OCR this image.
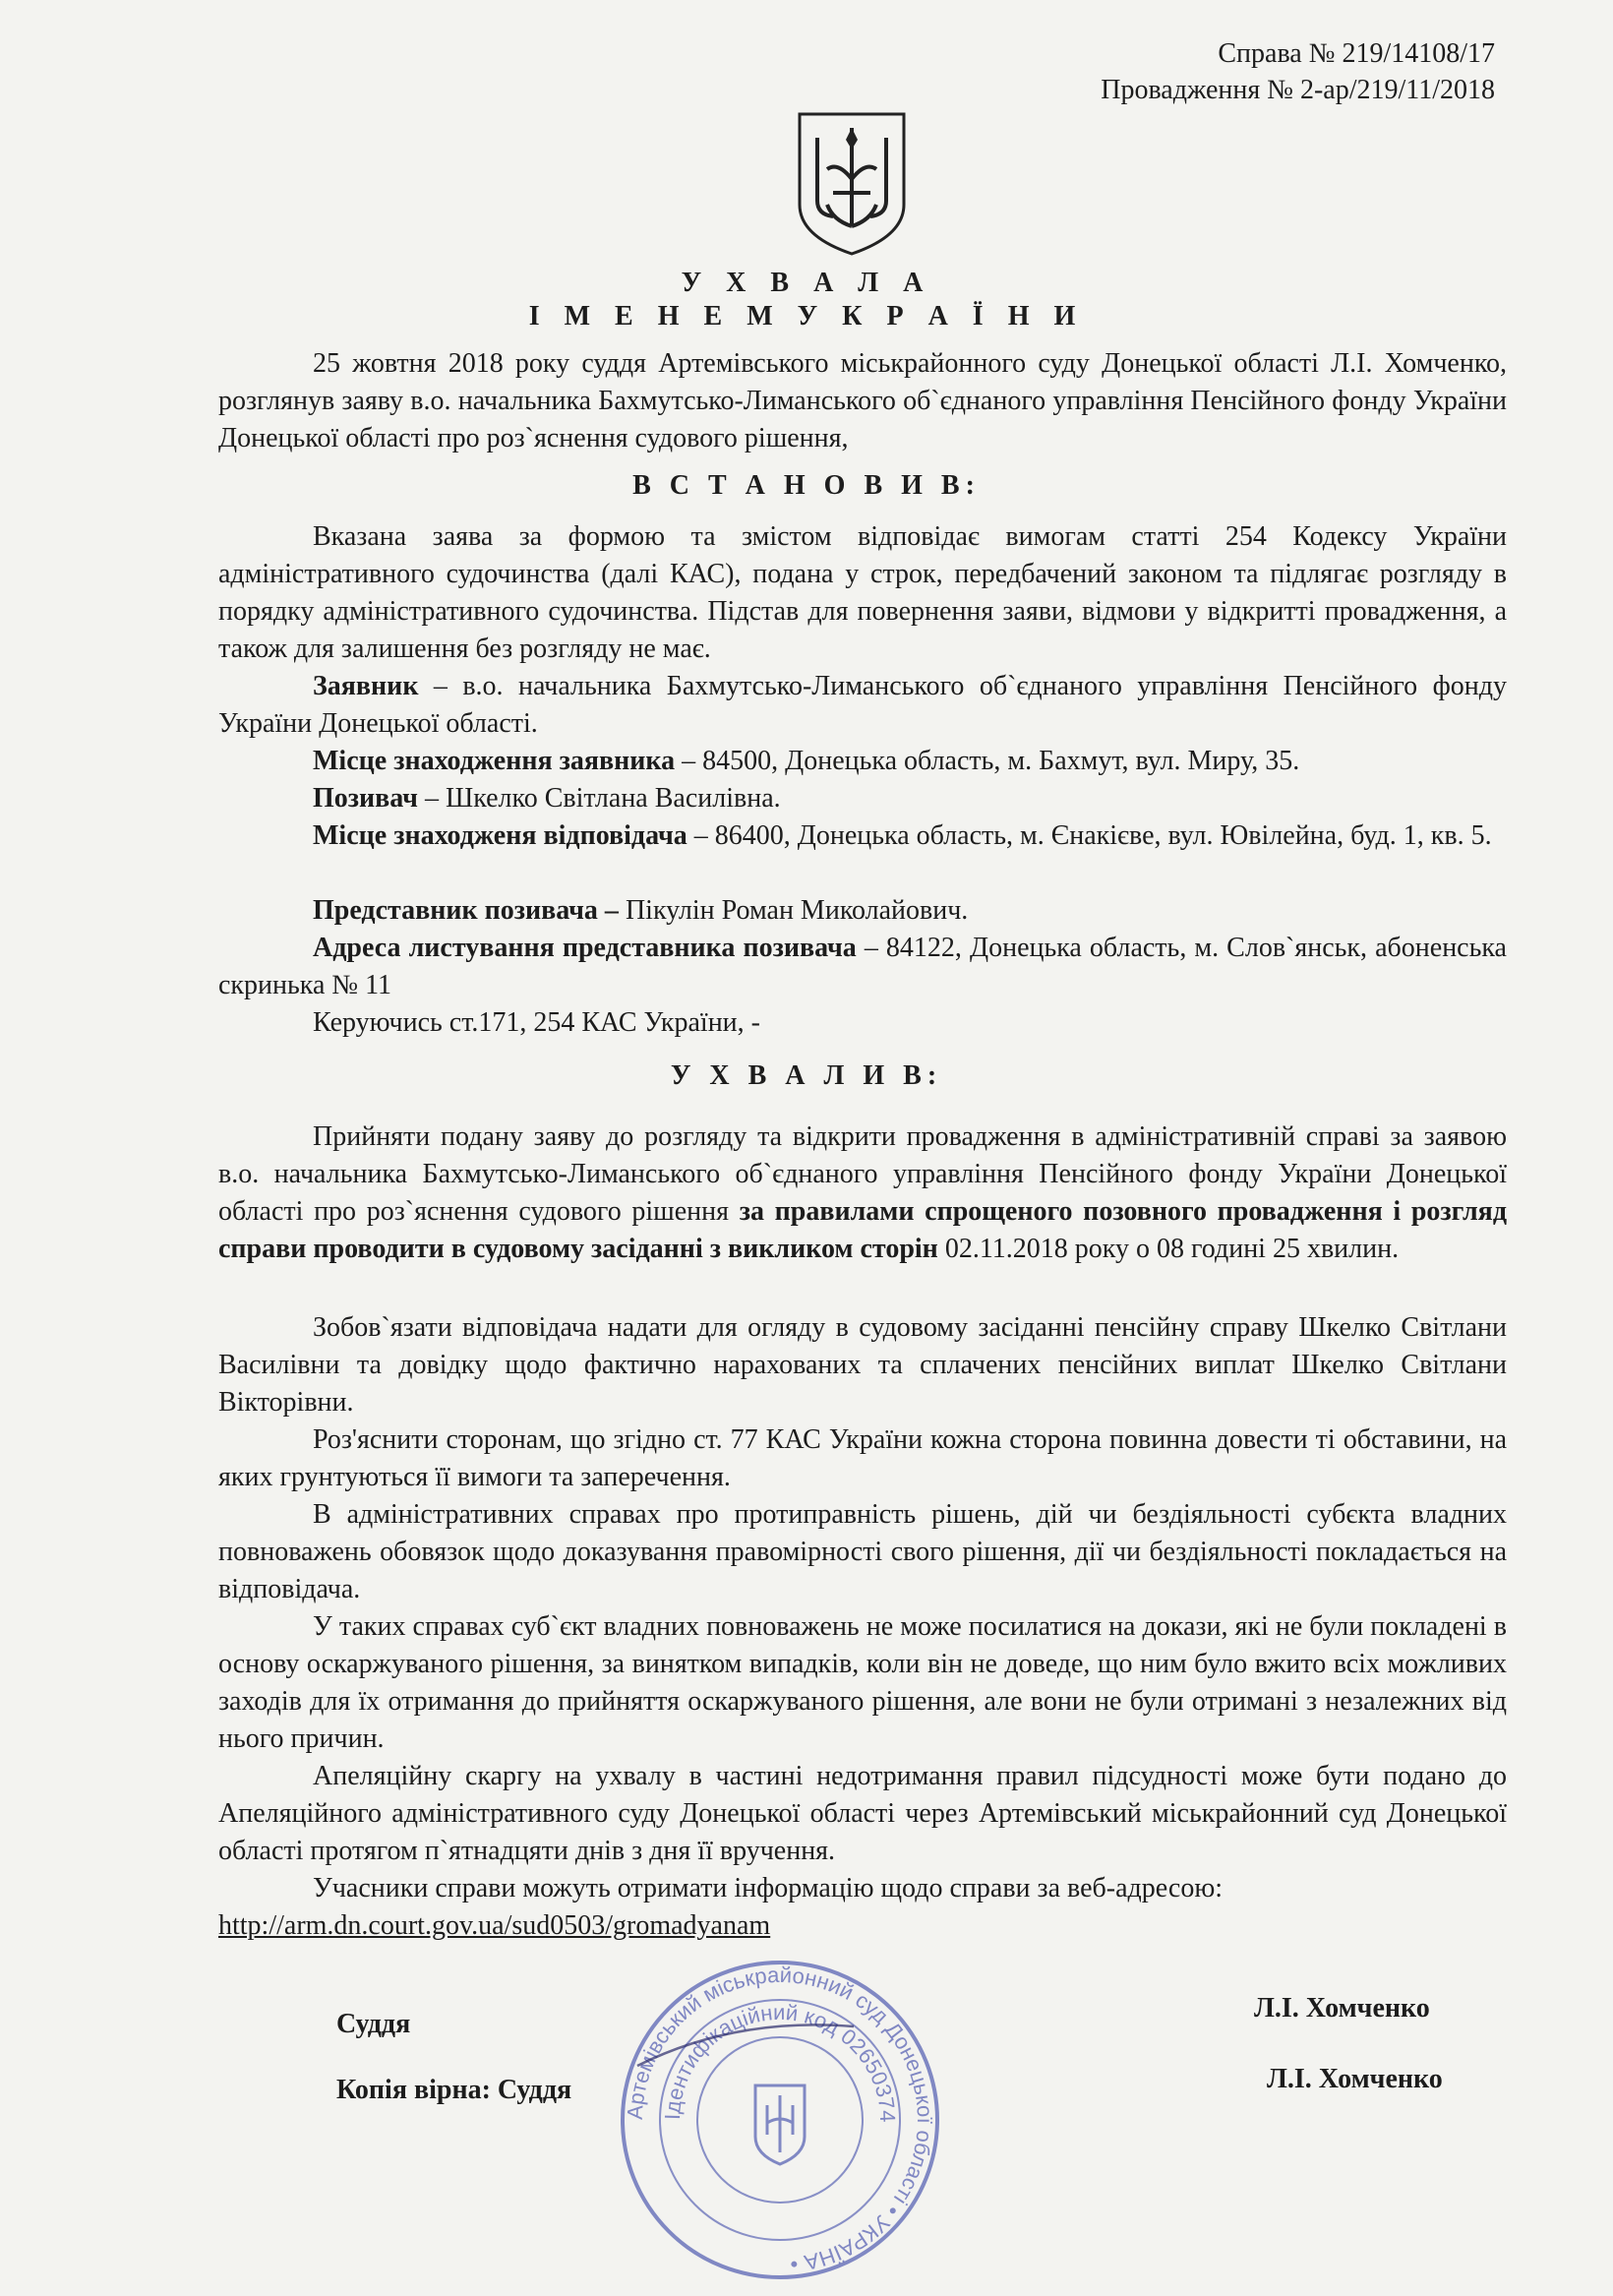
Справа № 219/14108/17
Провадження № 2-ар/219/11/2018
У Х В А Л А
І М Е Н Е М У К Р А Ї Н И
25 жовтня 2018 року суддя Артемівського міськрайонного суду Донецької області Л.І. Хомченко, розглянув заяву в.о. начальника Бахмутсько-Лиманського об`єднаного управління Пенсійного фонду України Донецької області про роз`яснення судового рішення,
В С Т А Н О В И В:
Вказана заява за формою та змістом відповідає вимогам статті 254 Кодексу України адміністративного судочинства (далі КАС), подана у строк, передбачений законом та підлягає розгляду в порядку адміністративного судочинства. Підстав для повернення заяви, відмови у відкритті провадження, а також для залишення без розгляду не має.
Заявник – в.о. начальника Бахмутсько-Лиманського об`єднаного управління Пенсійного фонду України Донецької області.
Місце знаходження заявника – 84500, Донецька область, м. Бахмут, вул. Миру, 35.
Позивач – Шкелко Світлана Василівна.
Місце знаходженя відповідача – 86400, Донецька область, м. Єнакієве, вул. Ювілейна, буд. 1, кв. 5.
Представник позивача – Пікулін Роман Миколайович.
Адреса листування представника позивача – 84122, Донецька область, м. Слов`янськ, абоненська скринька № 11
Керуючись ст.171, 254 КАС України, -
У Х В А Л И В:
Прийняти подану заяву до розгляду та відкрити провадження в адміністративній справі за заявою в.о. начальника Бахмутсько-Лиманського об`єднаного управління Пенсійного фонду України Донецької області про роз`яснення судового рішення за правилами спрощеного позовного провадження і розгляд справи проводити в судовому засіданні з викликом сторін 02.11.2018 року о 08 годині 25 хвилин.
Зобов`язати відповідача надати для огляду в судовому засіданні пенсійну справу Шкелко Світлани Василівни та довідку щодо фактично нарахованих та сплачених пенсійних виплат Шкелко Світлани Вікторівни.
Роз'яснити сторонам, що згідно ст. 77 КАС України кожна сторона повинна довести ті обставини, на яких грунтуються її вимоги та заперечення.
В адміністративних справах про протиправність рішень, дій чи бездіяльності субєкта владних повноважень обовязок щодо доказування правомірності свого рішення, дії чи бездіяльності покладається на відповідача.
У таких справах суб`єкт владних повноважень не може посилатися на докази, які не були покладені в основу оскаржуваного рішення, за винятком випадків, коли він не доведе, що ним було вжито всіх можливих заходів для їх отримання до прийняття оскаржуваного рішення, але вони не були отримані з незалежних від нього причин.
Апеляційну скаргу на ухвалу в частині недотримання правил підсудності може бути подано до Апеляційного адміністративного суду Донецької області через Артемівський міськрайонний суд Донецької області протягом п`ятнадцяти днів з дня її вручення.
Учасники справи можуть отримати інформацію щодо справи за веб-адресою:
http://arm.dn.court.gov.ua/sud0503/gromadyanam
Суддя
Л.І. Хомченко
Копія вірна: Суддя	Л.І. Хомченко
Артемівський міськрайонний суд Донецької області • УКРАЇНА •
Ідентифікаційний код 02650374
